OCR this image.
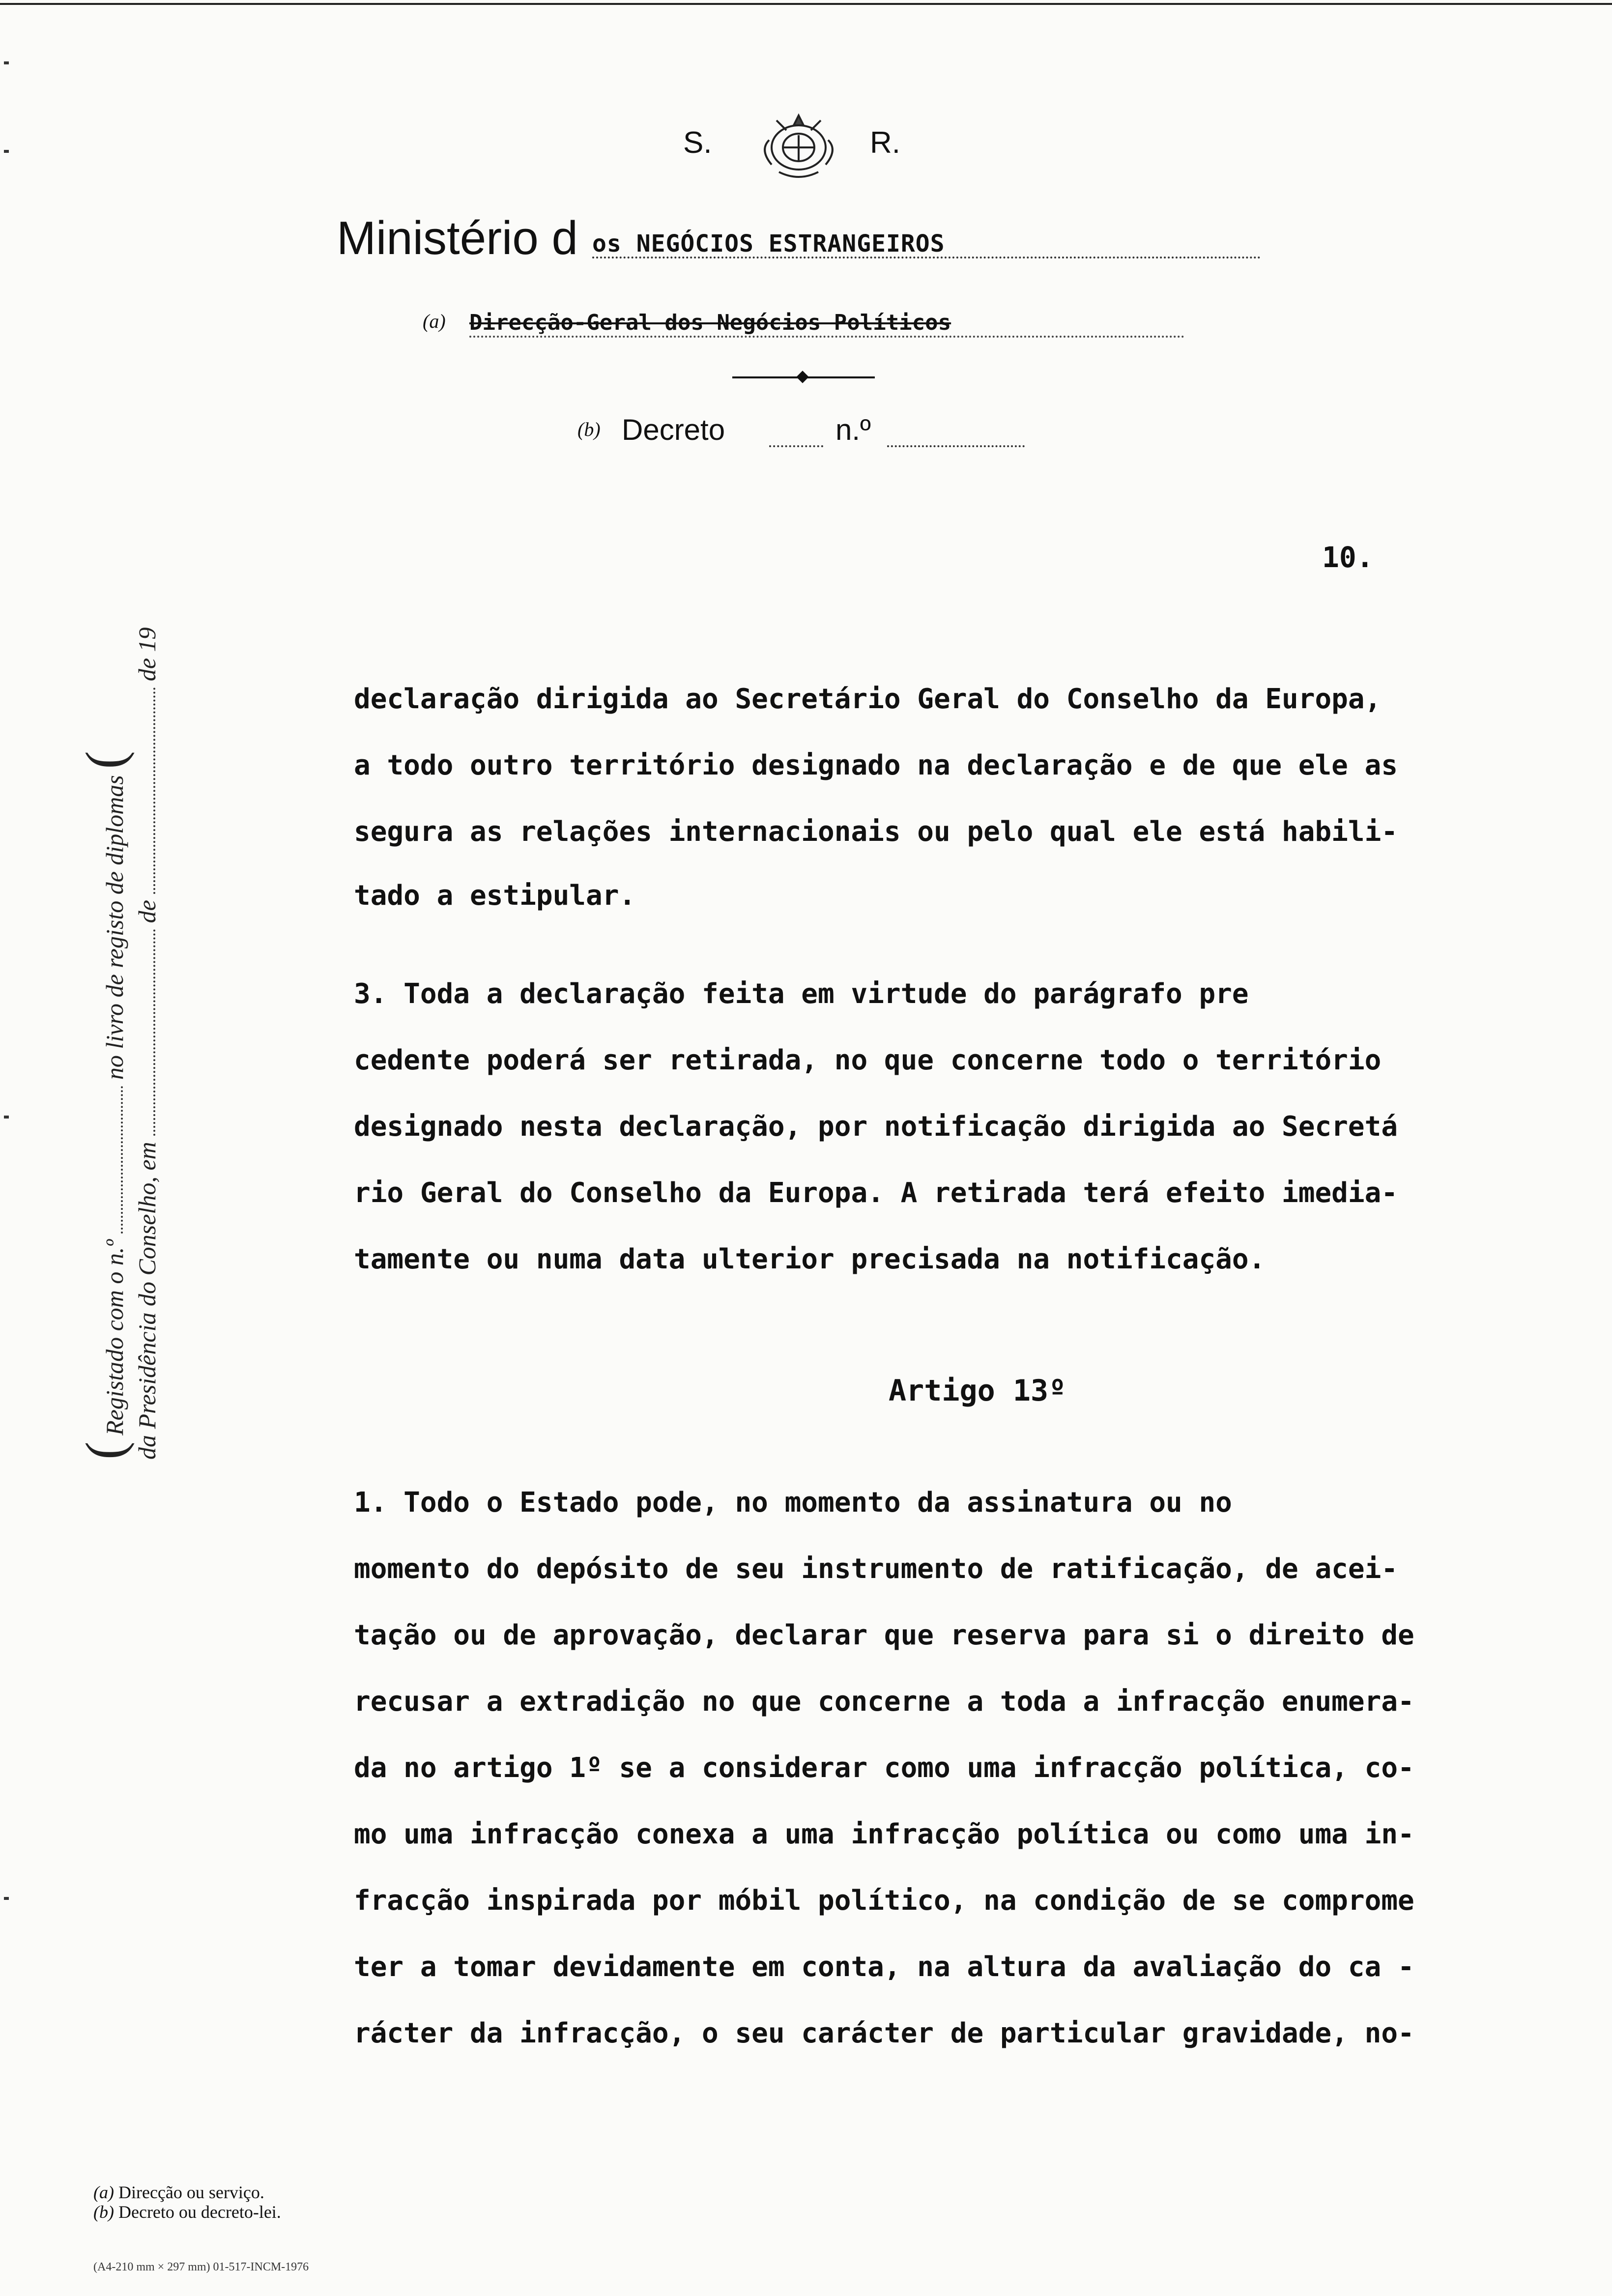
S.	R.
Ministério d os NEGÓCIOS ESTRANGEIROS
(a) Direcção-Geral dos Negócios Políticos
(b) Decreto	n.º
10.
declaração dirigida ao Secretário Geral do Conselho da Europa,
a todo outro território designado na declaração e de que ele as
segura as relações internacionais ou pelo qual ele está habili-
tado a estipular.
3. Toda a declaração feita em virtude do parágrafo pre
cedente poderá ser retirada, no que concerne todo o território
designado nesta declaração, por notificação dirigida ao Secretá
rio Geral do Conselho da Europa. A retirada terá efeito imedia-
tamente ou numa data ulterior precisada na notificação.
Artigo 13º
1. Todo o Estado pode, no momento da assinatura ou no
momento do depósito de seu instrumento de ratificação, de acei-
tação ou de aprovação, declarar que reserva para si o direito de
recusar a extradição no que concerne a toda a infracção enumera-
da no artigo 1º se a considerar como uma infracção política, co-
mo uma infracção conexa a uma infracção política ou como uma in-
fracção inspirada por móbil político, na condição de se comprome
ter a tomar devidamente em conta, na altura da avaliação do ca -
rácter da infracção, o seu carácter de particular gravidade, no-
( Registado com o n.º  no livro de registo de diplomas (
da Presidência do Conselho, em  de  de 19
(a) Direcção ou serviço.
(b) Decreto ou decreto-lei.
(A4-210 mm × 297 mm) 01-517-INCM-1976
